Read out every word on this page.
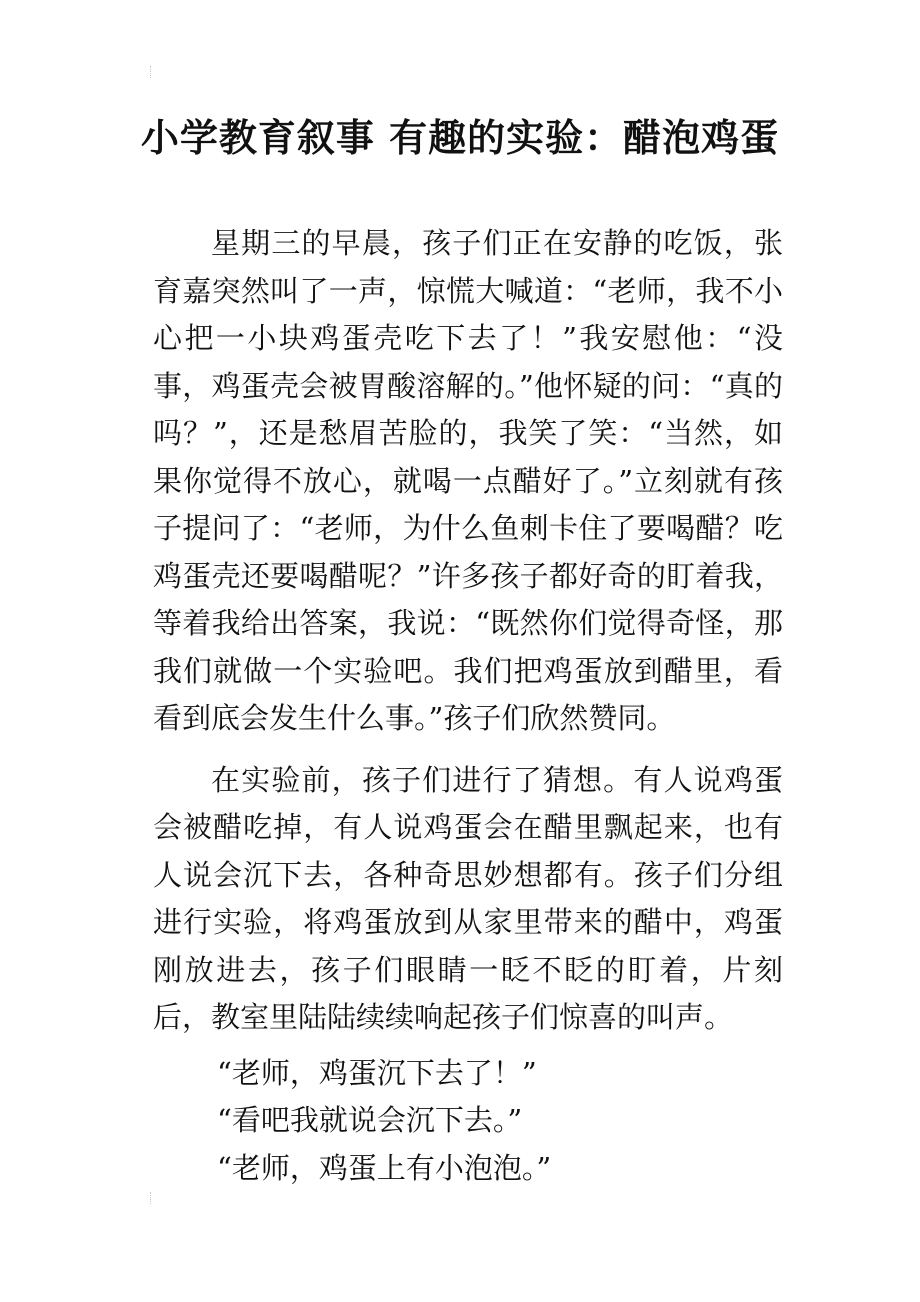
小学教育叙事 有趣的实验：醋泡鸡蛋

星期三的早晨，孩子们正在安静的吃饭，张育嘉突然叫了一声，惊慌大喊道：“老师，我不小心把一小块鸡蛋壳吃下去了！”我安慰他：“没事，鸡蛋壳会被胃酸溶解的。”他怀疑的问：“真的吗？”，还是愁眉苦脸的，我笑了笑：“当然，如果你觉得不放心，就喝一点醋好了。”立刻就有孩子提问了：“老师，为什么鱼刺卡住了要喝醋？吃鸡蛋壳还要喝醋呢？”许多孩子都好奇的盯着我，等着我给出答案，我说：“既然你们觉得奇怪，那我们就做一个实验吧。我们把鸡蛋放到醋里，看看到底会发生什么事。”孩子们欣然赞同。

在实验前，孩子们进行了猜想。有人说鸡蛋会被醋吃掉，有人说鸡蛋会在醋里飘起来，也有人说会沉下去，各种奇思妙想都有。孩子们分组进行实验，将鸡蛋放到从家里带来的醋中，鸡蛋刚放进去，孩子们眼睛一眨不眨的盯着，片刻后，教室里陆陆续续响起孩子们惊喜的叫声。

“老师，鸡蛋沉下去了！”

“看吧我就说会沉下去。”

“老师，鸡蛋上有小泡泡。”
